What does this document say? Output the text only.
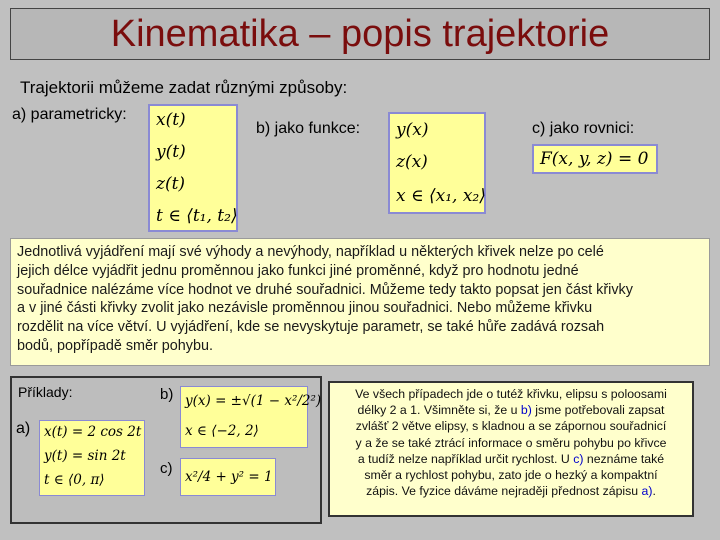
Kinematika – popis trajektorie
Trajektorii můžeme zadat různými způsoby:
a) parametricky: x(t)
y(t)
z(t)
t ∈ ⟨t₁, t₂⟩
b) jako funkce: y(x)
z(x)
x ∈ ⟨x₁, x₂⟩
c) jako rovnici:
F(x, y, z) = 0
Jednotlivá vyjádření mají své výhody a nevýhody, například u některých křivek nelze po celé
jejich délce vyjádřit jednu proměnnou jako funkci jiné proměnné, když pro hodnotu jedné
souřadnice nalézáme více hodnot ve druhé souřadnici. Můžeme tedy takto popsat jen část křivky
a v jiné části křivky zvolit jako nezávisle proměnnou jinou souřadnici. Nebo můžeme křivku
rozdělit na více větví. U vyjádření, kde se nevyskytuje parametr, se také hůře zadává rozsah
bodů, popřípadě směr pohybu.
Příklady:
a) x(t) = 2 cos 2t
y(t) = sin 2t
t ∈ ⟨0, π⟩
b) y(x) = ±√(1 − x²/2²)
x ∈ ⟨−2, 2⟩
c) x²/4 + y² = 1
Ve všech případech jde o tutéž křivku, elipsu s poloosami
délky 2 a 1. Všimněte si, že u b) jsme potřebovali zapsat
zvlášť 2 větve elipsy, s kladnou a se zápornou souřadnicí
y a že se také ztrácí informace o směru pohybu po křivce
a tudíž nelze například určit rychlost. U c) neznáme také
směr a rychlost pohybu, zato jde o hezký a kompaktní
zápis. Ve fyzice dáváme nejraději přednost zápisu a).
